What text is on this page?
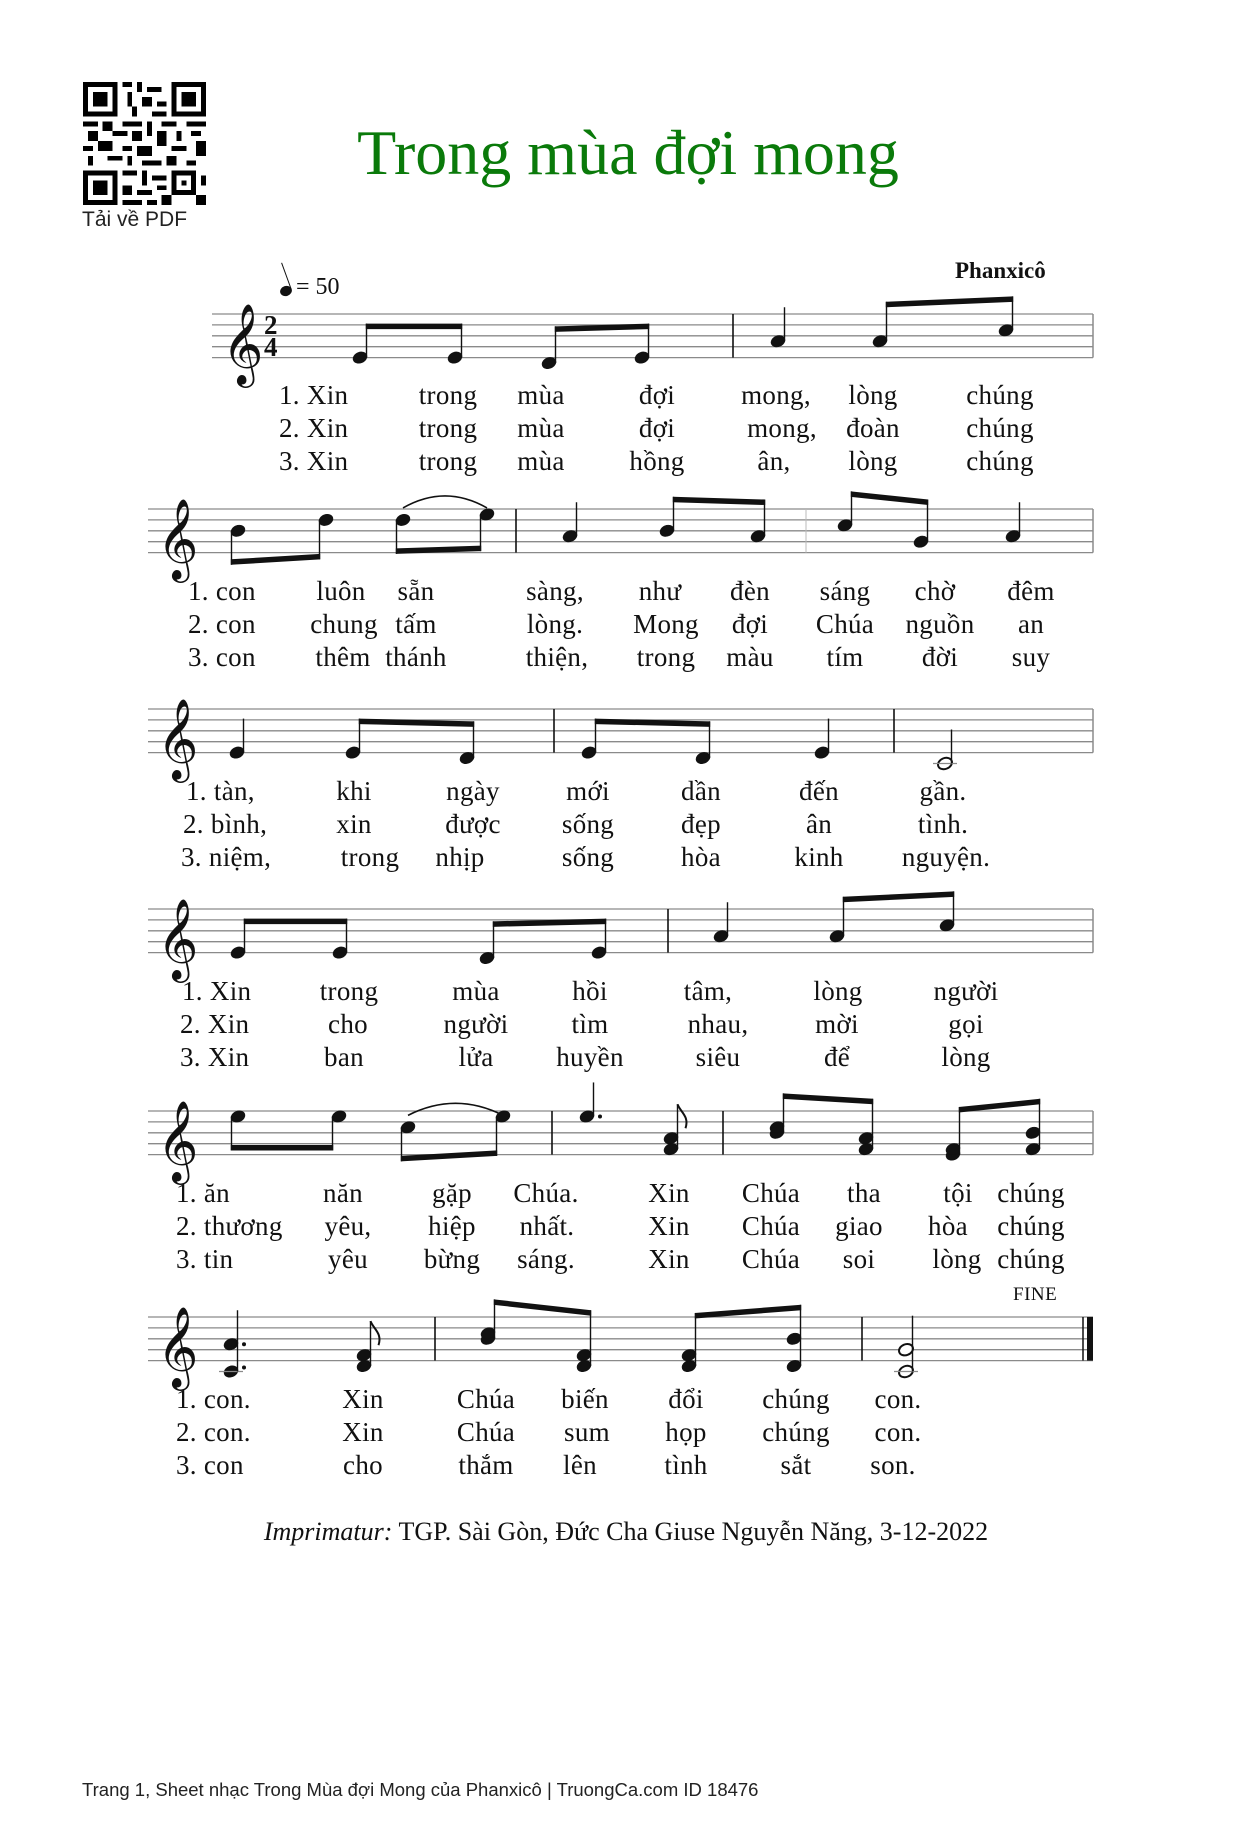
Tải về PDF
Trong mùa đợi mong
Phanxicô
= 50
𝄞 2
4
1. Xin	trong mùa	đợi mong, lòng	chúng
2. Xin	trong mùa	đợi	mong, đoàn chúng
3. Xin	trong mùa hồng	ân, lòng	chúng
𝄞
1. con luôn sẵn	sàng, như đèn sáng chờ đêm
2. con chung tấm	lòng. Mong đợi Chúa nguồn an
3. con thêm thánh	thiện, trong màu tím đời suy
𝄞
1. tàn,	khi	ngày mới	dần	đến	gần.
2. bình,	xin	được sống đẹp	ân	tình.
3. niệm,	trong nhịp	sống hòa	kinh nguyện.
𝄞
1. Xin	trong	mùa	hồi	tâm,	lòng	người
2. Xin	cho	người tìm	nhau, mời	gọi
3. Xin	ban	lửa huyền	siêu	để	lòng
𝄞
1. ăn	năn	gặp Chúa.	Xin Chúa tha tội chúng
2. thương yêu, hiệp nhất.	Xin Chúa giao hòa chúng
3. tin	yêu bừng sáng.	Xin Chúa soi lòng chúng
𝄞
1. con.	Xin	Chúa biến đổi chúng con.
2. con.	Xin	Chúa sum họp chúng con.
3. con	cho	thắm lên tình	sắt son.
FINE
Imprimatur: TGP. Sài Gòn, Đức Cha Giuse Nguyễn Năng, 3-12-2022
Trang 1, Sheet nhạc Trong Mùa đợi Mong của Phanxicô | TruongCa.com ID 18476
